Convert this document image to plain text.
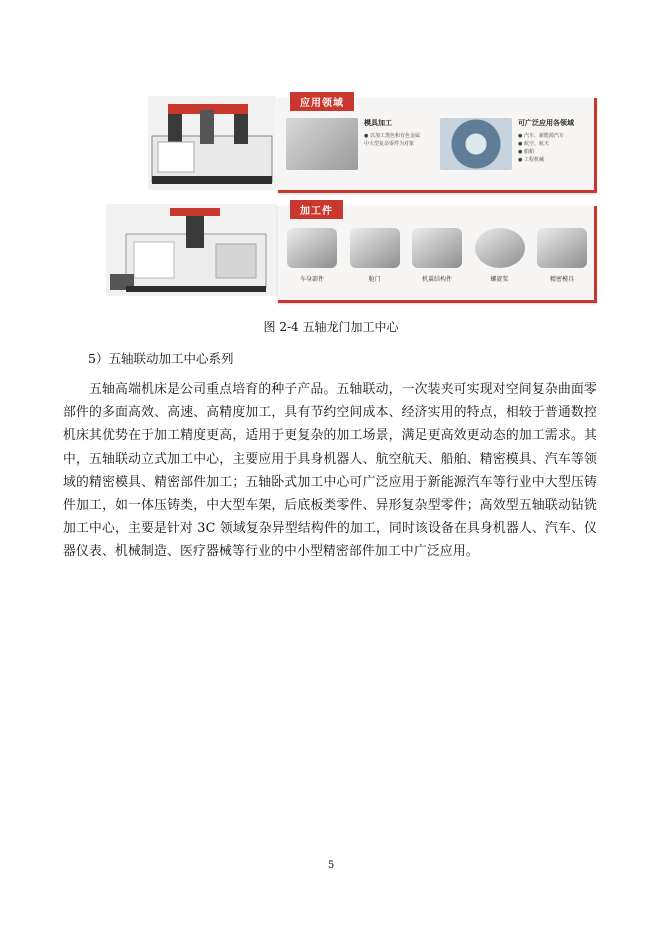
应用领域
模具加工
● 以加工黑色和有色金属
中大型复杂零件为对象
可广泛应用各领域
● 汽车、新能源汽车
● 航空、航天
● 船舶
● 工程机械
加工件
车身部件	舱门	机翼结构件	螺旋桨	精密模具
图 2-4 五轴龙门加工中心
5）五轴联动加工中心系列

五轴高端机床是公司重点培育的种子产品。五轴联动，一次装夹可实现对空间复杂曲面零部件的多面高效、高速、高精度加工，具有节约空间成本、经济实用的特点，相较于普通数控机床其优势在于加工精度更高，适用于更复杂的加工场景，满足更高效更动态的加工需求。其中，五轴联动立式加工中心，主要应用于具身机器人、航空航天、船舶、精密模具、汽车等领域的精密模具、精密部件加工；五轴卧式加工中心可广泛应用于新能源汽车等行业中大型压铸件加工，如一体压铸类，中大型车架，后底板类零件、异形复杂型零件；高效型五轴联动钻铣加工中心，主要是针对 3C 领域复杂异型结构件的加工，同时该设备在具身机器人、汽车、仪器仪表、机械制造、医疗器械等行业的中小型精密部件加工中广泛应用。

5
